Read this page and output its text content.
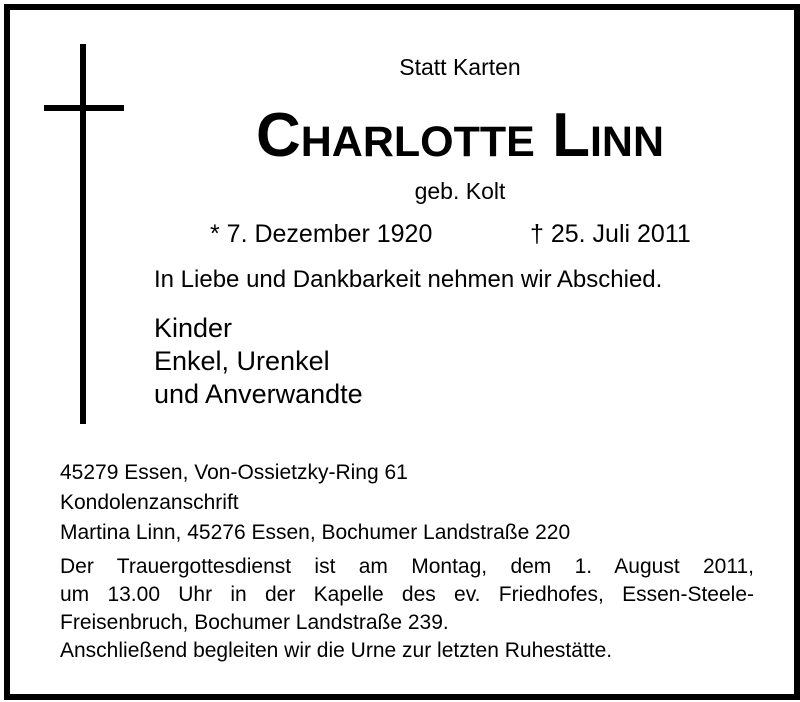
Statt Karten
Charlotte Linn
geb. Kolt
* 7. Dezember 1920	† 25. Juli 2011
In Liebe und Dankbarkeit nehmen wir Abschied.
Kinder
Enkel, Urenkel
und Anverwandte
45279 Essen, Von-Ossietzky-Ring 61
Kondolenzanschrift
Martina Linn, 45276 Essen, Bochumer Landstraße 220
Der Trauergottesdienst ist am Montag, dem 1. August 2011,
um 13.00 Uhr in der Kapelle des ev. Friedhofes, Essen-Steele-
Freisenbruch, Bochumer Landstraße 239.
Anschließend begleiten wir die Urne zur letzten Ruhestätte.
